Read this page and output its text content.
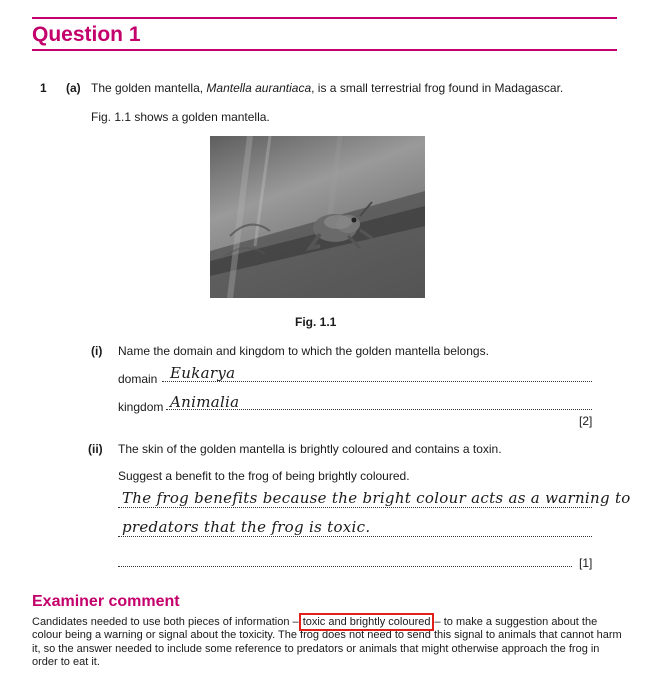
Question 1
1 (a) The golden mantella, Mantella aurantiaca, is a small terrestrial frog found in Madagascar.
Fig. 1.1 shows a golden mantella.
Fig. 1.1
(i) Name the domain and kingdom to which the golden mantella belongs.
domain Eukarya
kingdom Animalia
[2]
(ii) The skin of the golden mantella is brightly coloured and contains a toxin.
Suggest a benefit to the frog of being brightly coloured.
The frog benefits because the bright colour acts as a warning to
predators that the frog is toxic.
[1]
Examiner comment
Candidates needed to use both pieces of information – toxic and brightly coloured – to make a suggestion about the colour being a warning or signal about the toxicity. The frog does not need to send this signal to animals that cannot harm it, so the answer needed to include some reference to predators or animals that might otherwise approach the frog in order to eat it.
